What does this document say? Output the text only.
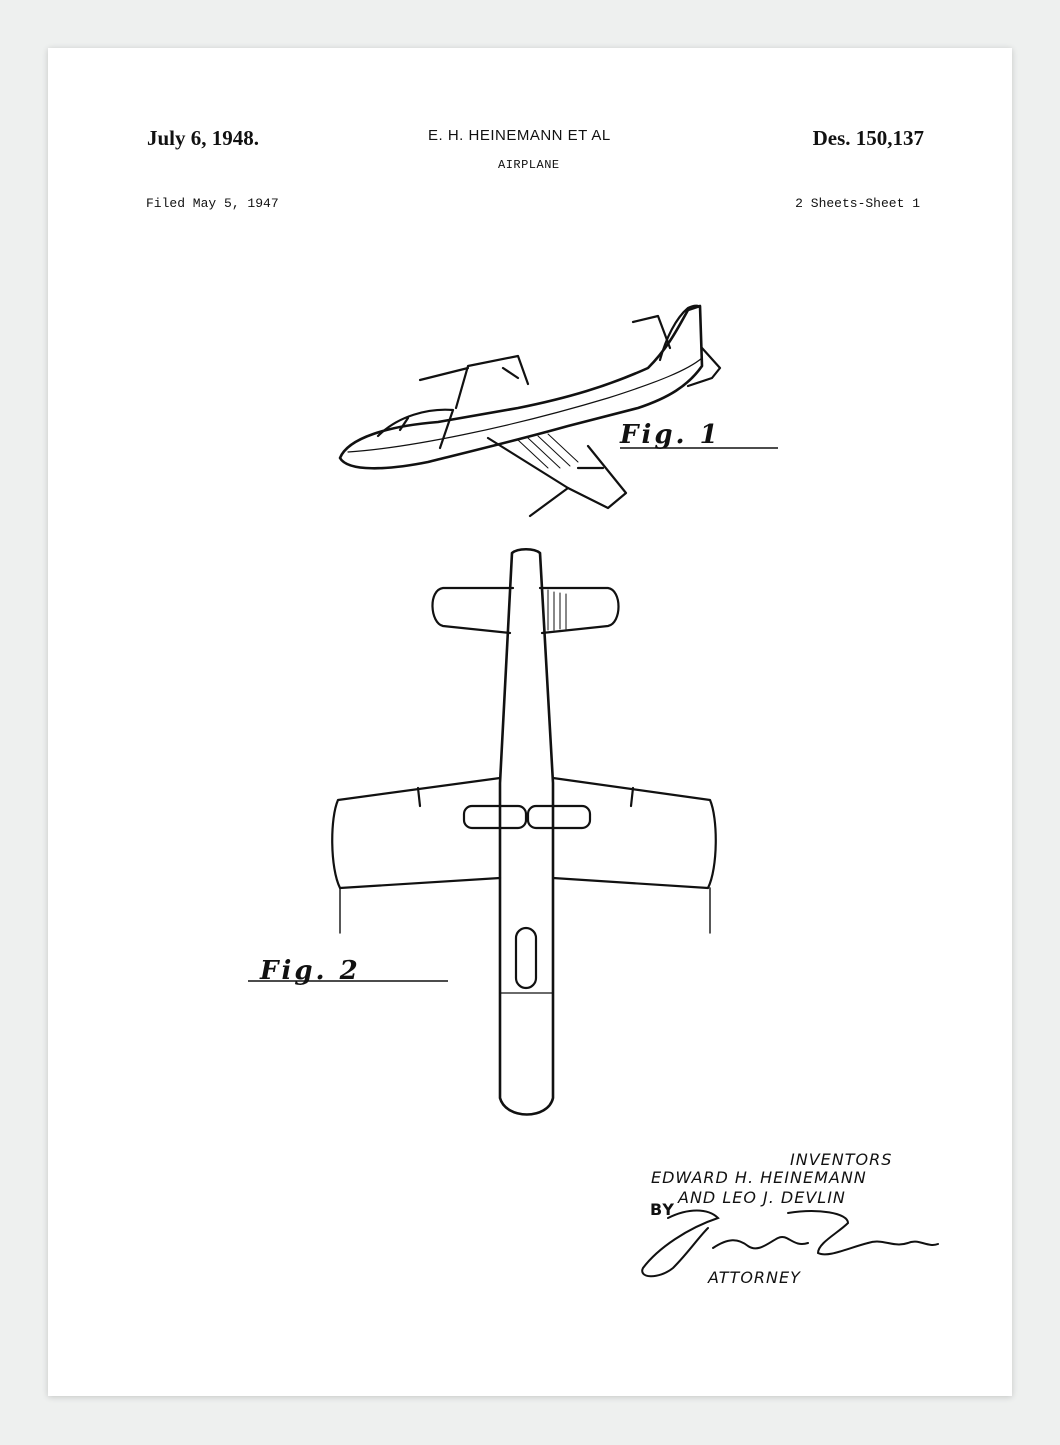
July 6, 1948.	E. H. HEINEMANN ET AL	Des. 150,137
AIRPLANE
Filed May 5, 1947	2 Sheets-Sheet 1
Fig. 1
Fig. 2
INVENTORS
EDWARD H. HEINEMANN
AND LEO J. DEVLIN
BY
ATTORNEY
